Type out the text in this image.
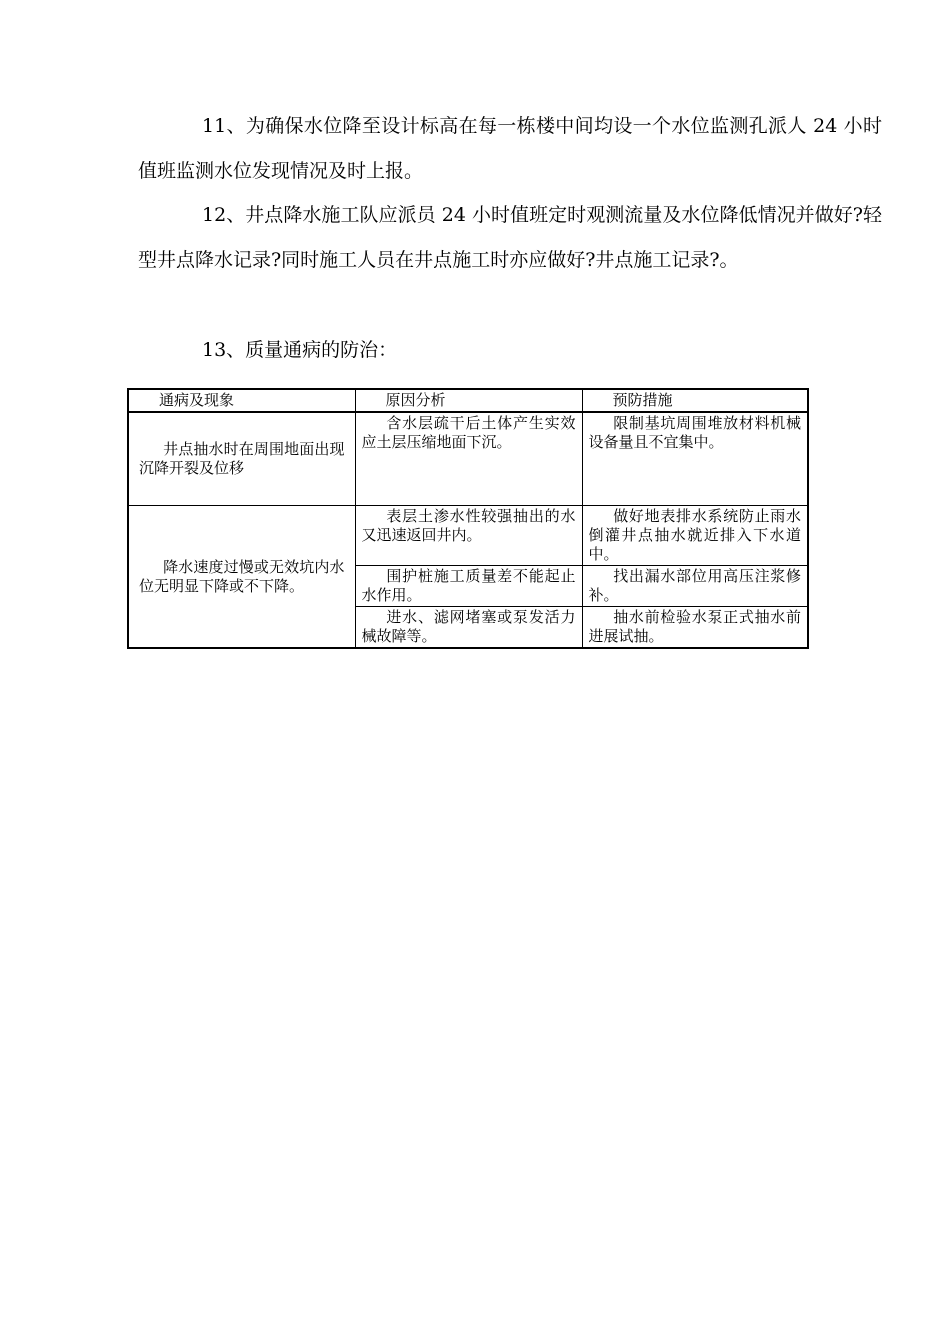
11、为确保水位降至设计标高在每一栋楼中间均设一个水位监测孔派人 24 小时值班监测水位发现情况及时上报。

12、井点降水施工队应派员 24 小时值班定时观测流量及水位降低情况并做好?轻型井点降水记录?同时施工人员在井点施工时亦应做好?井点施工记录?。

13、质量通病的防治：

通病及现象	原因分析	预防措施
井点抽水时在周围地面出现沉降开裂及位移	含水层疏干后土体产生实效应土层压缩地面下沉。	限制基坑周围堆放材料机械设备量且不宜集中。
降水速度过慢或无效坑内水位无明显下降或不下降。	表层土渗水性较强抽出的水又迅速返回井内。	做好地表排水系统防止雨水倒灌井点抽水就近排入下水道中。
	围护桩施工质量差不能起止水作用。	找出漏水部位用高压注浆修补。
	进水、滤网堵塞或泵发活力械故障等。	抽水前检验水泵正式抽水前进展试抽。
